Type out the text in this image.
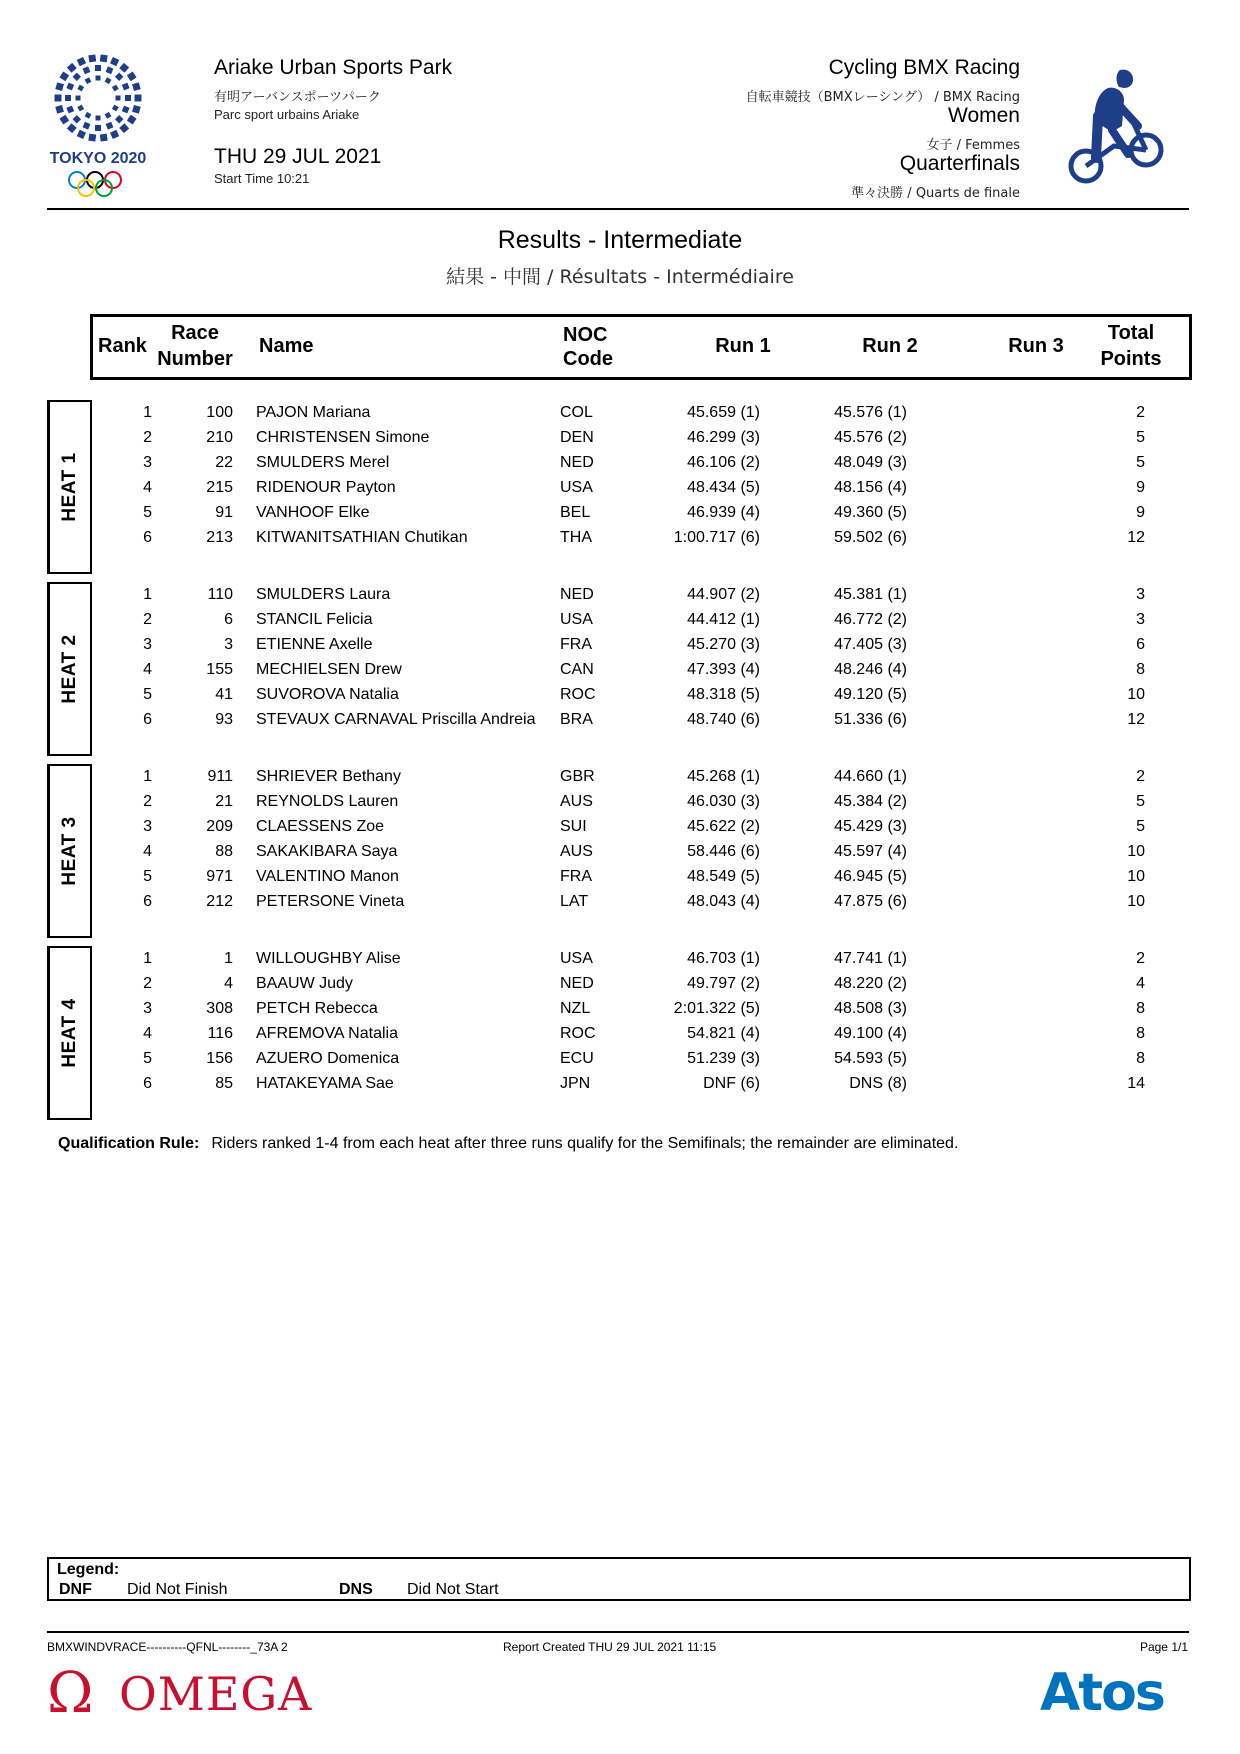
TOKYO 2020
Ariake Urban Sports Park
有明アーバンスポーツパーク
Parc sport urbains Ariake
THU 29 JUL 2021
Start Time 10:21
Cycling BMX Racing
自転車競技（BMXレーシング） / BMX Racing
Women
女子 / Femmes
Quarterfinals
準々決勝 / Quarts de finale
Results - Intermediate
結果 - 中間 / Résultats - Intermédiaire
Rank
Race
Number
Name	NOC
Code
Run 1	Run 2	Run 3
Total
Points
HEAT 1
1	100 PAJON Mariana	COL	45.659 (1)	45.576 (1)	2
2	210 CHRISTENSEN Simone	DEN	46.299 (3)	45.576 (2)	5
3	22 SMULDERS Merel	NED	46.106 (2)	48.049 (3)	5
4	215 RIDENOUR Payton	USA	48.434 (5)	48.156 (4)	9
5	91 VANHOOF Elke	BEL	46.939 (4)	49.360 (5)	9
6	213 KITWANITSATHIAN Chutikan	THA	1:00.717 (6)	59.502 (6)	12
HEAT 2
1	110 SMULDERS Laura	NED	44.907 (2)	45.381 (1)	3
2	6 STANCIL Felicia	USA	44.412 (1)	46.772 (2)	3
3	3 ETIENNE Axelle	FRA	45.270 (3)	47.405 (3)	6
4	155 MECHIELSEN Drew	CAN	47.393 (4)	48.246 (4)	8
5	41 SUVOROVA Natalia	ROC	48.318 (5)	49.120 (5)	10
6	93 STEVAUX CARNAVAL Priscilla Andreia BRA	48.740 (6)	51.336 (6)	12
HEAT 3
1	911 SHRIEVER Bethany	GBR	45.268 (1)	44.660 (1)	2
2	21 REYNOLDS Lauren	AUS	46.030 (3)	45.384 (2)	5
3	209 CLAESSENS Zoe	SUI	45.622 (2)	45.429 (3)	5
4	88 SAKAKIBARA Saya	AUS	58.446 (6)	45.597 (4)	10
5	971 VALENTINO Manon	FRA	48.549 (5)	46.945 (5)	10
6	212 PETERSONE Vineta	LAT	48.043 (4)	47.875 (6)	10
HEAT 4
1	1 WILLOUGHBY Alise	USA	46.703 (1)	47.741 (1)	2
2	4 BAAUW Judy	NED	49.797 (2)	48.220 (2)	4
3	308 PETCH Rebecca	NZL	2:01.322 (5)	48.508 (3)	8
4	116 AFREMOVA Natalia	ROC	54.821 (4)	49.100 (4)	8
5	156 AZUERO Domenica	ECU	51.239 (3)	54.593 (5)	8
6	85 HATAKEYAMA Sae	JPN	DNF (6)	DNS (8)	14
Qualification Rule: Riders ranked 1-4 from each heat after three runs qualify for the Semifinals; the remainder are eliminated.
Legend:
DNF Did Not Finish	DNS Did Not Start
BMXWINDVRACE----------QFNL--------_73A 2	Report Created THU 29 JUL 2021 11:15	Page 1/1
Ω OMEGA	Atos
